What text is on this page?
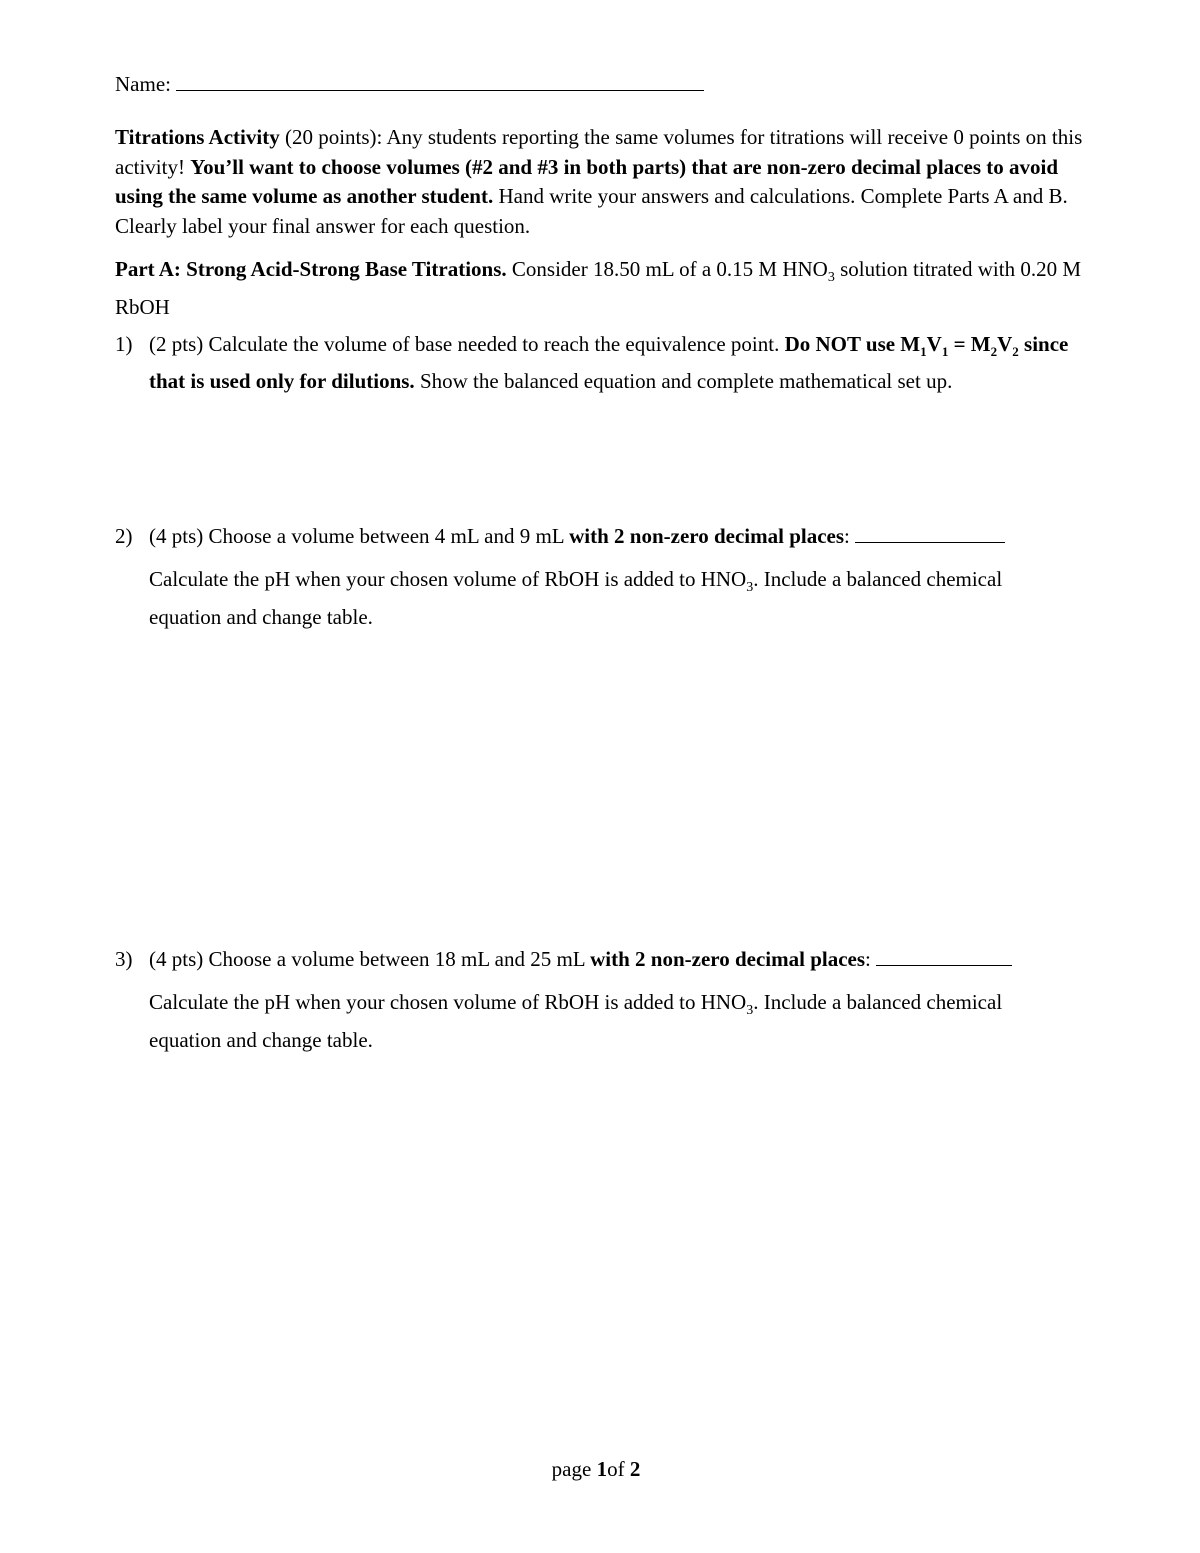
Name:

Titrations Activity (20 points): Any students reporting the same volumes for titrations will receive 0 points on this activity! You’ll want to choose volumes (#2 and #3 in both parts) that are non-zero decimal places to avoid using the same volume as another student. Hand write your answers and calculations. Complete Parts A and B. Clearly label your final answer for each question.

Part A: Strong Acid-Strong Base Titrations. Consider 18.50 mL of a 0.15 M $HNO_3$ solution titrated with 0.20 M RbOH

1) (2 pts) Calculate the volume of base needed to reach the equivalence point. Do NOT use $M_1V_1 = M_2V_2$ since that is used only for dilutions. Show the balanced equation and complete mathematical set up.

2) (4 pts) Choose a volume between 4 mL and 9 mL with 2 non-zero decimal places:

Calculate the pH when your chosen volume of RbOH is added to $HNO_3$. Include a balanced chemical equation and change table.

3) (4 pts) Choose a volume between 18 mL and 25 mL with 2 non-zero decimal places:

Calculate the pH when your chosen volume of RbOH is added to $HNO_3$. Include a balanced chemical equation and change table.

page 1of 2
